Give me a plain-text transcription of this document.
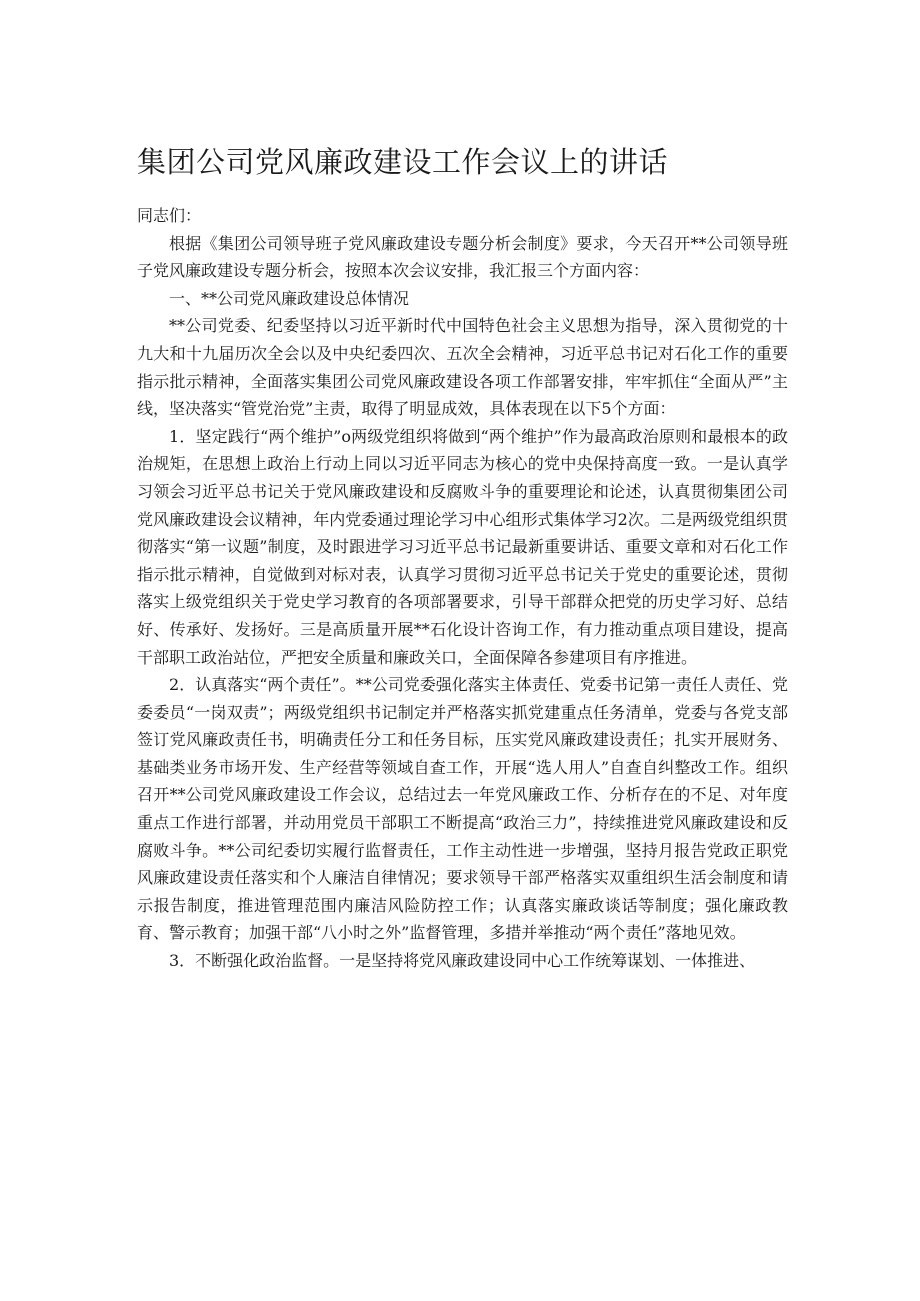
集团公司党风廉政建设工作会议上的讲话

同志们：

根据《集团公司领导班子党风廉政建设专题分析会制度》要求，今天召开**公司领导班子党风廉政建设专题分析会，按照本次会议安排，我汇报三个方面内容：

一、**公司党风廉政建设总体情况

**公司党委、纪委坚持以习近平新时代中国特色社会主义思想为指导，深入贯彻党的十九大和十九届历次全会以及中央纪委四次、五次全会精神，习近平总书记对石化工作的重要指示批示精神，全面落实集团公司党风廉政建设各项工作部署安排，牢牢抓住“全面从严”主线，坚决落实“管党治党”主责，取得了明显成效，具体表现在以下5个方面：

1．坚定践行“两个维护”o两级党组织将做到“两个维护”作为最高政治原则和最根本的政治规矩，在思想上政治上行动上同以习近平同志为核心的党中央保持高度一致。一是认真学习领会习近平总书记关于党风廉政建设和反腐败斗争的重要理论和论述，认真贯彻集团公司党风廉政建设会议精神，年内党委通过理论学习中心组形式集体学习2次。二是两级党组织贯彻落实“第一议题”制度，及时跟进学习习近平总书记最新重要讲话、重要文章和对石化工作指示批示精神，自觉做到对标对表，认真学习贯彻习近平总书记关于党史的重要论述，贯彻落实上级党组织关于党史学习教育的各项部署要求，引导干部群众把党的历史学习好、总结好、传承好、发扬好。三是高质量开展**石化设计咨询工作，有力推动重点项目建设，提高干部职工政治站位，严把安全质量和廉政关口，全面保障各参建项目有序推进。

2．认真落实“两个责任”。**公司党委强化落实主体责任、党委书记第一责任人责任、党委委员“一岗双责”；两级党组织书记制定并严格落实抓党建重点任务清单，党委与各党支部签订党风廉政责任书，明确责任分工和任务目标，压实党风廉政建设责任；扎实开展财务、基础类业务市场开发、生产经营等领域自查工作，开展“选人用人”自查自纠整改工作。组织召开**公司党风廉政建设工作会议，总结过去一年党风廉政工作、分析存在的不足、对年度重点工作进行部署，并动用党员干部职工不断提高“政治三力”，持续推进党风廉政建设和反腐败斗争。**公司纪委切实履行监督责任，工作主动性进一步增强，坚持月报告党政正职党风廉政建设责任落实和个人廉洁自律情况；要求领导干部严格落实双重组织生活会制度和请示报告制度，推进管理范围内廉洁风险防控工作；认真落实廉政谈话等制度；强化廉政教育、警示教育；加强干部“八小时之外”监督管理，多措并举推动“两个责任”落地见效。

3．不断强化政治监督。一是坚持将党风廉政建设同中心工作统筹谋划、一体推进、
